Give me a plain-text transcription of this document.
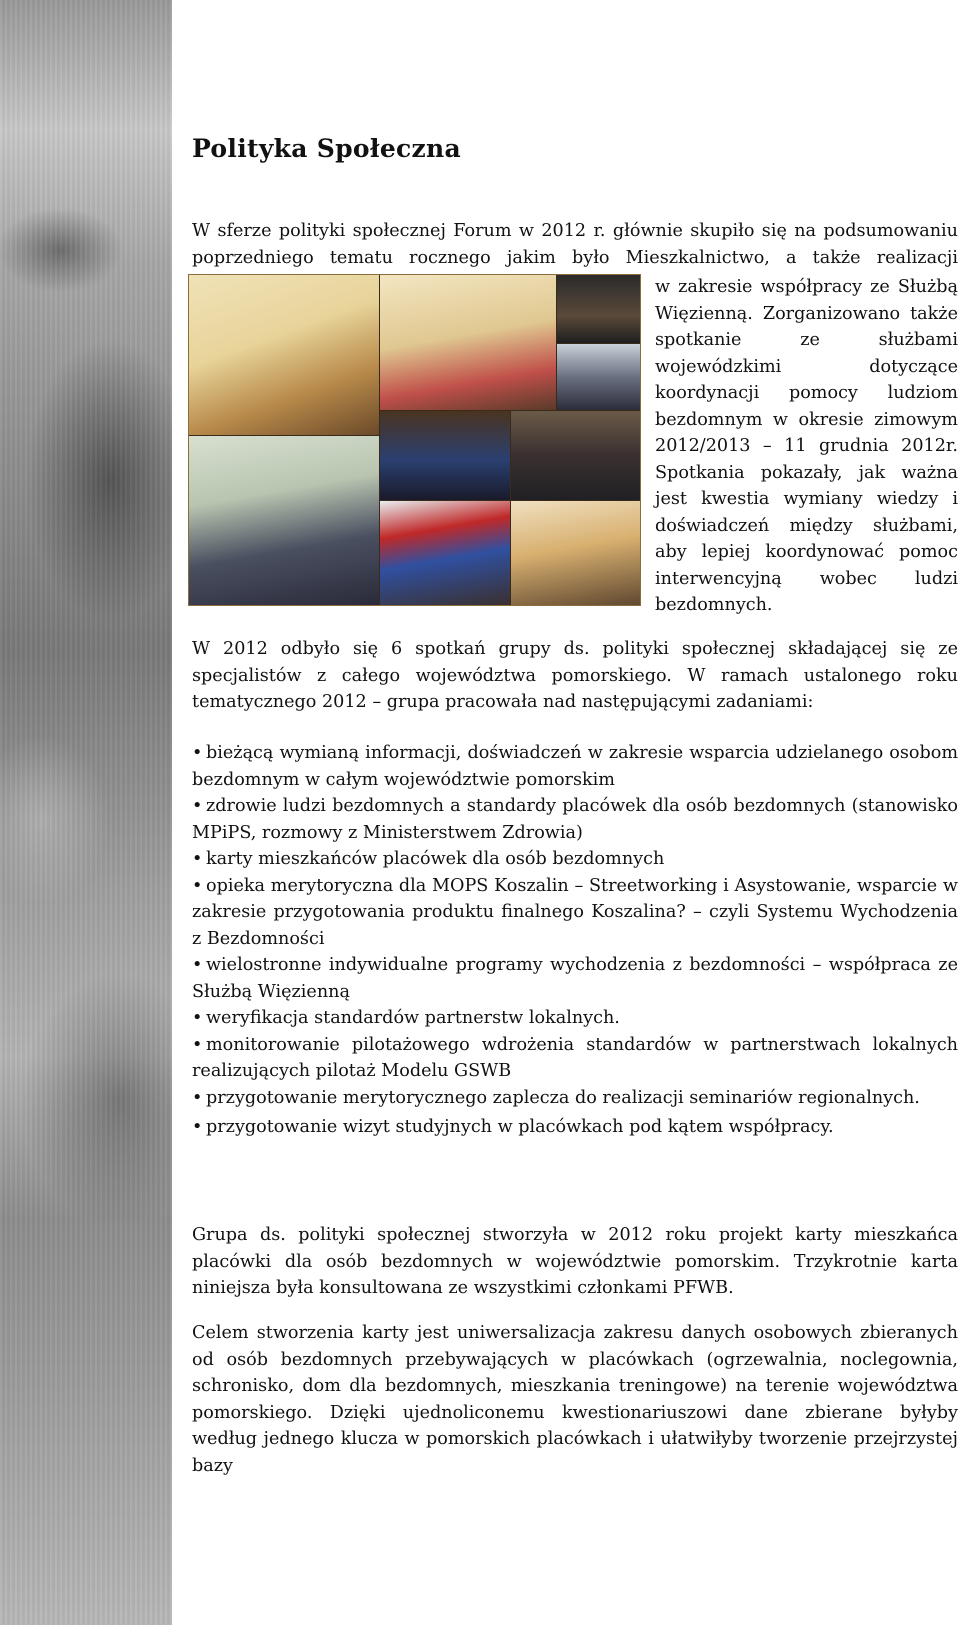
Polityka Społeczna

W sferze polityki społecznej Forum w 2012 r. głównie skupiło się na podsumowaniu poprzedniego tematu rocznego jakim było Mieszkalnictwo, a także realizacji

w zakresie współpracy ze Służbą Więzienną. Zorganizowano także spotkanie ze służbami wojewódzkimi dotyczące koordynacji pomocy ludziom bezdomnym w okresie zimowym 2012/2013 – 11 grudnia 2012r. Spotkania pokazały, jak ważna jest kwestia wymiany wiedzy i doświadczeń między służbami, aby lepiej koordynować pomoc interwencyjną wobec ludzi bezdomnych.

W 2012 odbyło się 6 spotkań grupy ds. polityki społecznej składającej się ze specjalistów z całego województwa pomorskiego. W ramach ustalonego roku tematycznego 2012 – grupa pracowała nad następującymi zadaniami:

• bieżącą wymianą informacji, doświadczeń w zakresie wsparcia udzielanego osobom bezdomnym w całym województwie pomorskim
• zdrowie ludzi bezdomnych a standardy placówek dla osób bezdomnych (stanowisko MPiPS, rozmowy z Ministerstwem Zdrowia)
• karty mieszkańców placówek dla osób bezdomnych
• opieka merytoryczna dla MOPS Koszalin – Streetworking i Asystowanie, wsparcie w zakresie przygotowania produktu finalnego Koszalina? – czyli Systemu Wychodzenia z Bezdomności
• wielostronne indywidualne programy wychodzenia z bezdomności – współpraca ze Służbą Więzienną
• weryfikacja standardów partnerstw lokalnych.
• monitorowanie pilotażowego wdrożenia standardów w partnerstwach lokalnych realizujących pilotaż Modelu GSWB
• przygotowanie merytorycznego zaplecza do realizacji seminariów regionalnych.
• przygotowanie wizyt studyjnych w placówkach pod kątem współpracy.

Grupa ds. polityki społecznej stworzyła w 2012 roku projekt karty mieszkańca placówki dla osób bezdomnych w województwie pomorskim. Trzykrotnie karta niniejsza była konsultowana ze wszystkimi członkami PFWB.

Celem stworzenia karty jest uniwersalizacja zakresu danych osobowych zbieranych od osób bezdomnych przebywających w placówkach (ogrzewalnia, noclegownia, schronisko, dom dla bezdomnych, mieszkania treningowe) na terenie województwa pomorskiego. Dzięki ujednoliconemu kwestionariuszowi dane zbierane byłyby według jednego klucza w pomorskich placówkach i ułatwiłyby tworzenie przejrzystej bazy
